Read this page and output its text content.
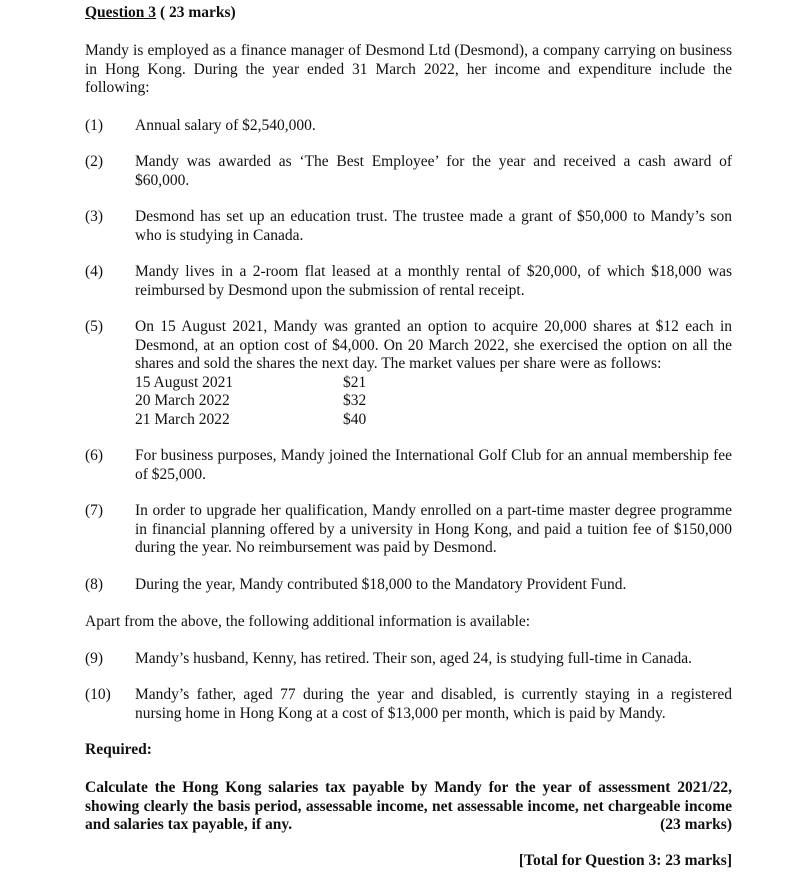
Question 3 ( 23 marks)
Mandy is employed as a finance manager of Desmond Ltd (Desmond), a company carrying on business in Hong Kong. During the year ended 31 March 2022, her income and expenditure include the following:
(1)	Annual salary of $2,540,000.
(2)	Mandy was awarded as ‘The Best Employee’ for the year and received a cash award of $60,000.
(3)	Desmond has set up an education trust. The trustee made a grant of $50,000 to Mandy’s son who is studying in Canada.
(4)	Mandy lives in a 2-room flat leased at a monthly rental of $20,000, of which $18,000 was reimbursed by Desmond upon the submission of rental receipt.
(5)	On 15 August 2021, Mandy was granted an option to acquire 20,000 shares at $12 each in Desmond, at an option cost of $4,000. On 20 March 2022, she exercised the option on all the shares and sold the shares the next day. The market values per share were as follows:
15 August 2021	$21
20 March 2022	$32
21 March 2022	$40
(6)	For business purposes, Mandy joined the International Golf Club for an annual membership fee of $25,000.
(7)	In order to upgrade her qualification, Mandy enrolled on a part-time master degree programme in financial planning offered by a university in Hong Kong, and paid a tuition fee of $150,000 during the year. No reimbursement was paid by Desmond.
(8)	During the year, Mandy contributed $18,000 to the Mandatory Provident Fund.
Apart from the above, the following additional information is available:
(9)	Mandy’s husband, Kenny, has retired. Their son, aged 24, is studying full-time in Canada.
(10)	Mandy’s father, aged 77 during the year and disabled, is currently staying in a registered nursing home in Hong Kong at a cost of $13,000 per month, which is paid by Mandy.
Required:
Calculate the Hong Kong salaries tax payable by Mandy for the year of assessment 2021/22, showing clearly the basis period, assessable income, net assessable income, net chargeable income and salaries tax payable, if any.	(23 marks)
[Total for Question 3: 23 marks]
